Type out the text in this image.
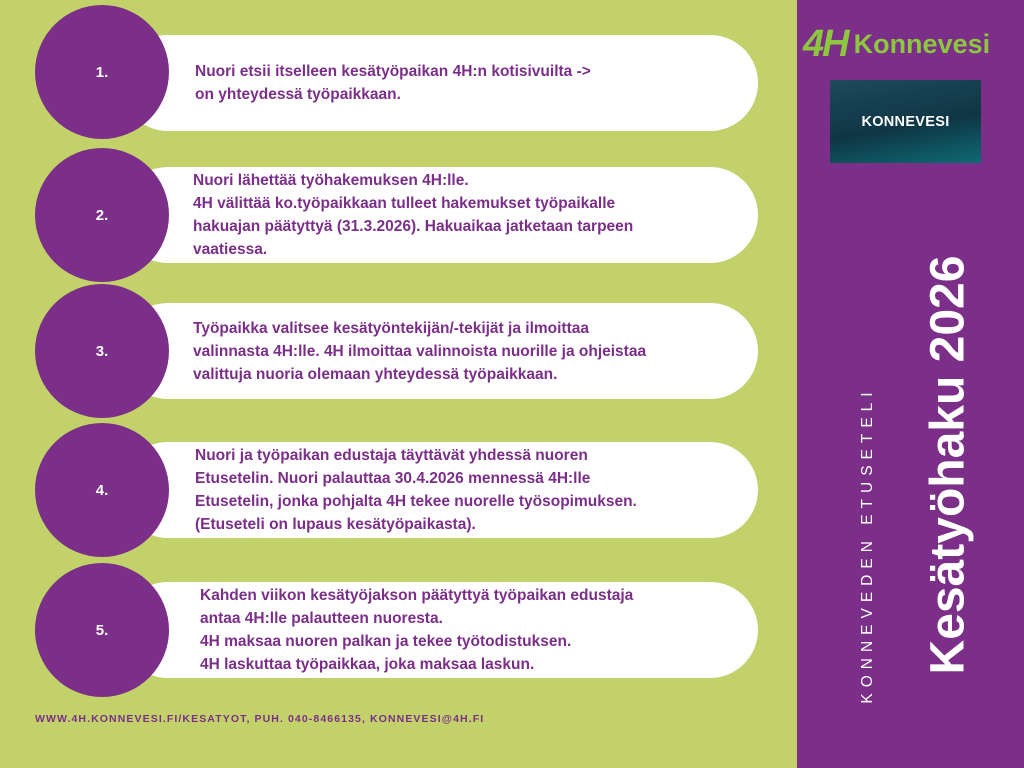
4H Konnevesi
KONNEVESI
Kesätyöhaku 2026
KONNEVEDEN ETUSETELI
Nuori etsii itselleen kesätyöpaikan 4H:n kotisivuilta ->
on yhteydessä työpaikkaan.
1.
Nuori lähettää työhakemuksen 4H:lle.
4H välittää ko.työpaikkaan tulleet hakemukset työpaikalle
hakuajan päätyttyä (31.3.2026). Hakuaikaa jatketaan tarpeen
vaatiessa.
2.
Työpaikka valitsee kesätyöntekijän/-tekijät ja ilmoittaa
valinnasta 4H:lle. 4H ilmoittaa valinnoista nuorille ja ohjeistaa
valittuja nuoria olemaan yhteydessä työpaikkaan.
3.
Nuori ja työpaikan edustaja täyttävät yhdessä nuoren
Etusetelin. Nuori palauttaa 30.4.2026 mennessä 4H:lle
Etusetelin, jonka pohjalta 4H tekee nuorelle työsopimuksen.
(Etuseteli on lupaus kesätyöpaikasta).
4.
Kahden viikon kesätyöjakson päätyttyä työpaikan edustaja
antaa 4H:lle palautteen nuoresta.
4H maksaa nuoren palkan ja tekee työtodistuksen.
4H laskuttaa työpaikkaa, joka maksaa laskun.
5.
WWW.4H.KONNEVESI.FI/KESATYOT, PUH. 040-8466135, KONNEVESI@4H.FI
